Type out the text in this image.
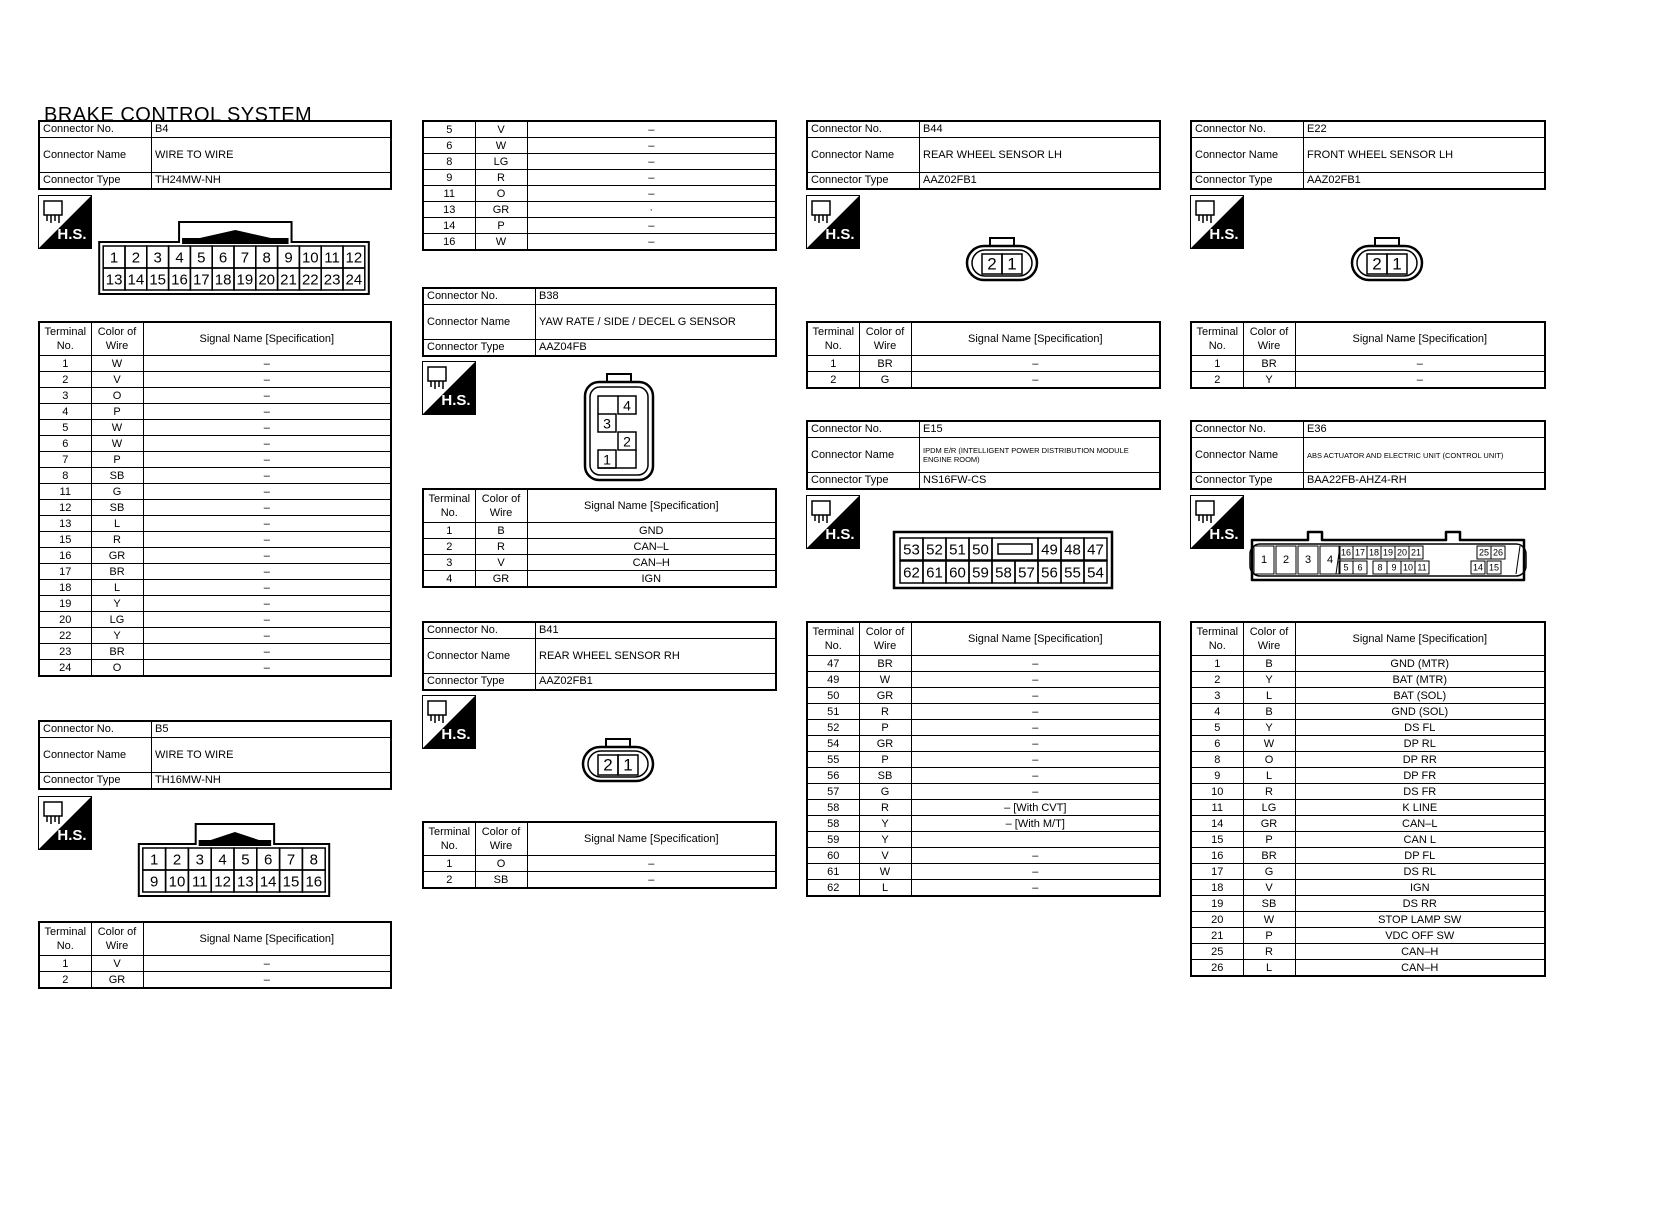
BRAKE CONTROL SYSTEM
Connector No.	B4
Connector Name	WIRE TO WIRE
Connector Type	TH24MW-NH
H.S.
1
13
2
14
3
15
4
16
5
17
6
18
7
19
8
20
9
21
10
22
11
23
12
24
Terminal No.	Color of Wire	Signal Name [Specification]
1	W	–
2	V	–
3	O	–
4	P	–
5	W	–
6	W	–
7	P	–
8	SB	–
11	G	–
12	SB	–
13	L	–
15	R	–
16	GR	–
17	BR	–
18	L	–
19	Y	–
20	LG	–
22	Y	–
23	BR	–
24	O	–
Connector No.	B5
Connector Name	WIRE TO WIRE
Connector Type	TH16MW-NH
H.S.
1
9
2
10
3
11
4
12
5
13
6
14
7
15
8
16
Terminal No.	Color of Wire	Signal Name [Specification]
1	V	–
2	GR	–
5	V	–
6	W	–
8	LG	–
9	R	–
11	O	–
13	GR	·
14	P	–
16	W	–
Connector No.	B38
Connector Name	YAW RATE / SIDE / DECEL G SENSOR
Connector Type	AAZ04FB
H.S.	4
3
2
1
Terminal No.	Color of Wire	Signal Name [Specification]
1	B	GND
2	R	CAN–L
3	V	CAN–H
4	GR	IGN
Connector No.	B41
Connector Name	REAR WHEEL SENSOR RH
Connector Type	AAZ02FB1
H.S.
2 1
Terminal No.	Color of Wire	Signal Name [Specification]
1	O	–
2	SB	–
Connector No.	B44
Connector Name	REAR WHEEL SENSOR LH
Connector Type	AAZ02FB1
H.S.
2 1
Terminal No.	Color of Wire	Signal Name [Specification]
1	BR	–
2	G	–
Connector No.	E15
Connector Name	IPDM E/R (INTELLIGENT POWER DISTRIBUTION MODULE ENGINE ROOM)
Connector Type	NS16FW-CS
H.S.
53 52 51 50	49 48 47
62 61 60 59 58 57 56 55 54
Terminal No.	Color of Wire	Signal Name [Specification]
47	BR	–
49	W	–
50	GR	–
51	R	–
52	P	–
54	GR	–
55	P	–
56	SB	–
57	G	–
58	R	– [With CVT]
58	Y	– [With M/T]
59	Y	
60	V	–
61	W	–
62	L	–
Connector No.	E22
Connector Name	FRONT WHEEL SENSOR LH
Connector Type	AAZ02FB1
H.S.
2 1
Terminal No.	Color of Wire	Signal Name [Specification]
1	BR	–
2	Y	–
Connector No.	E36
Connector Name	ABS ACTUATOR AND ELECTRIC UNIT (CONTROL UNIT)
Connector Type	BAA22FB-AHZ4-RH
H.S.
1 2 3 4
16 17 18 19 20 21	25 26
5 6 8 9 10 11	14 15
Terminal No.	Color of Wire	Signal Name [Specification]
1	B	GND (MTR)
2	Y	BAT (MTR)
3	L	BAT (SOL)
4	B	GND (SOL)
5	Y	DS FL
6	W	DP RL
8	O	DP RR
9	L	DP FR
10	R	DS FR
11	LG	K LINE
14	GR	CAN–L
15	P	CAN L
16	BR	DP FL
17	G	DS RL
18	V	IGN
19	SB	DS RR
20	W	STOP LAMP SW
21	P	VDC OFF SW
25	R	CAN–H
26	L	CAN–H
